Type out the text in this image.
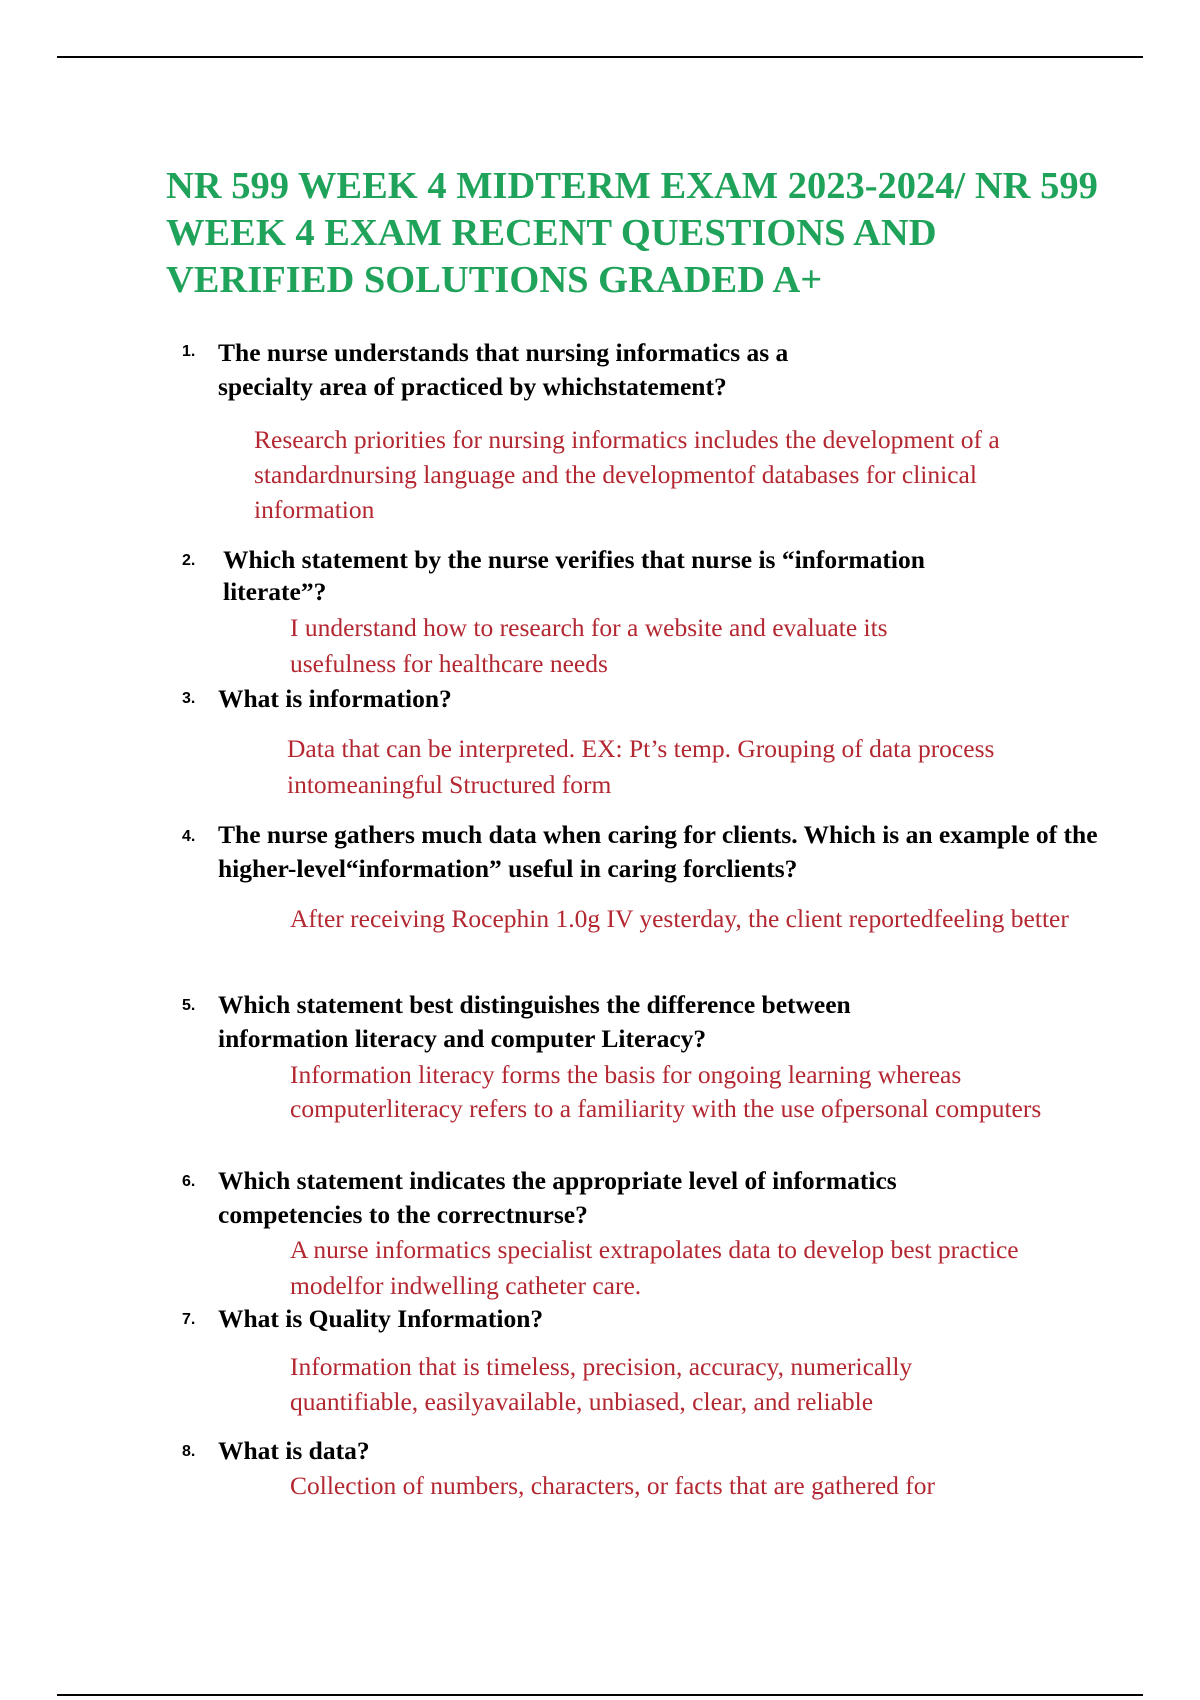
NR 599 WEEK 4 MIDTERM EXAM 2023-2024/ NR 599 WEEK 4 EXAM RECENT QUESTIONS AND VERIFIED SOLUTIONS GRADED A+
1. The nurse understands that nursing informatics as a specialty area of practiced by whichstatement?
Research priorities for nursing informatics includes the development of a standardnursing language and the developmentof databases for clinical information
2. Which statement by the nurse verifies that nurse is “information literate”?
I understand how to research for a website and evaluate its usefulness for healthcare needs
3. What is information?
Data that can be interpreted. EX: Pt’s temp. Grouping of data process intomeaningful Structured form
4. The nurse gathers much data when caring for clients. Which is an example of the higher-level“information” useful in caring forclients?
After receiving Rocephin 1.0g IV yesterday, the client reportedfeeling better
5. Which statement best distinguishes the difference between information literacy and computer Literacy?
Information literacy forms the basis for ongoing learning whereas computerliteracy refers to a familiarity with the use ofpersonal computers
6. Which statement indicates the appropriate level of informatics competencies to the correctnurse?
A nurse informatics specialist extrapolates data to develop best practice modelfor indwelling catheter care.
7. What is Quality Information?
Information that is timeless, precision, accuracy, numerically quantifiable, easilyavailable, unbiased, clear, and reliable
8. What is data?
Collection of numbers, characters, or facts that are gathered for
